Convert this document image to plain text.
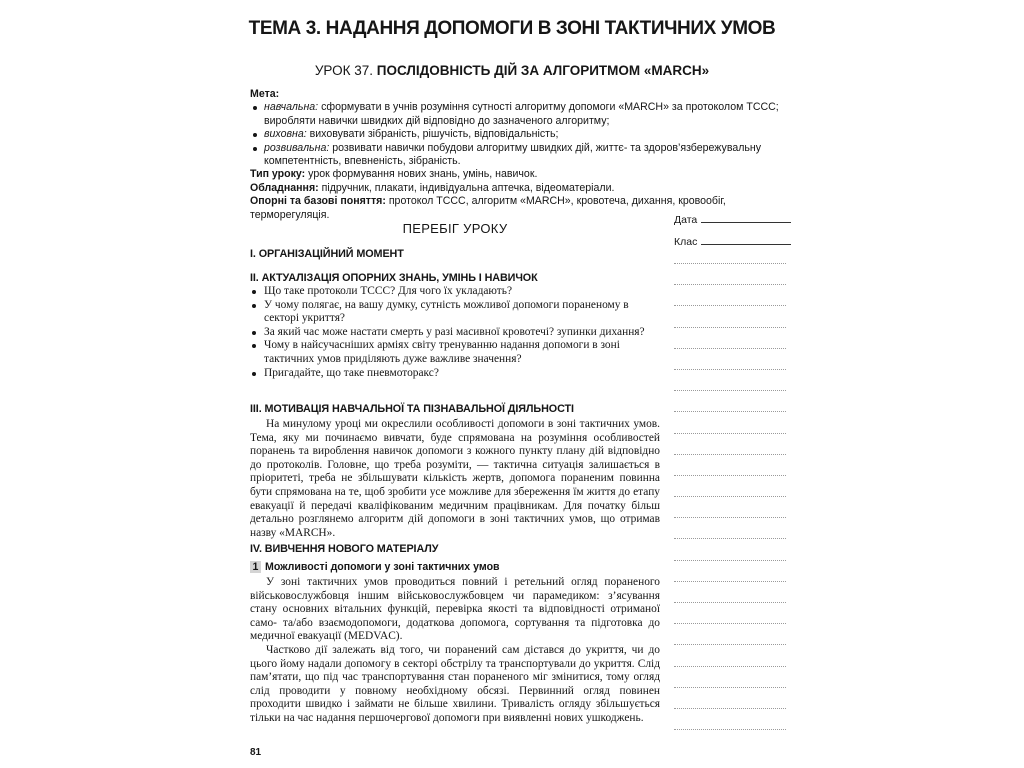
ТЕМА 3. НАДАННЯ ДОПОМОГИ В ЗОНІ ТАКТИЧНИХ УМОВ
УРОК 37. ПОСЛІДОВНІСТЬ ДІЙ ЗА АЛГОРИТМОМ «MARCH»
Мета:
навчальна: сформувати в учнів розуміння сутності алгоритму допомоги «MARCH» за протоколом TCCC; виробляти навички швидких дій відповідно до зазначеного алгоритму;
виховна: виховувати зібраність, рішучість, відповідальність;
розвивальна: розвивати навички побудови алгоритму швидких дій, життє- та здоров’язбережувальну компетентність, впевненість, зібраність.
Тип уроку: урок формування нових знань, умінь, навичок.
Обладнання: підручник, плакати, індивідуальна аптечка, відеоматеріали.
Опорні та базові поняття: протокол TCCC, алгоритм «MARCH», кровотеча, дихання, кровообіг, терморегуляція.
ПЕРЕБІГ УРОКУ
Дата
Клас
I. ОРГАНІЗАЦІЙНИЙ МОМЕНТ
II. АКТУАЛІЗАЦІЯ ОПОРНИХ ЗНАНЬ, УМІНЬ І НАВИЧОК
Що таке протоколи TCCC? Для чого їх укладають?
У чому полягає, на вашу думку, сутність можливої допомоги пораненому в секторі укриття?
За який час може настати смерть у разі масивної кровотечі? зупинки дихання?
Чому в найсучасніших арміях світу тренуванню надання допомоги в зоні тактичних умов приділяють дуже важливе значення?
Пригадайте, що таке пневмоторакс?
III. МОТИВАЦІЯ НАВЧАЛЬНОЇ ТА ПІЗНАВАЛЬНОЇ ДІЯЛЬНОСТІ
На минулому уроці ми окреслили особливості допомоги в зоні тактичних умов. Тема, яку ми починаємо вивчати, буде спрямована на розуміння особливостей поранень та вироблення навичок допомоги з кожного пункту плану дій відповідно до протоколів. Головне, що треба розуміти, — тактична ситуація залишається в пріоритеті, треба не збільшувати кількість жертв, допомога пораненим повинна бути спрямована на те, щоб зробити усе можливе для збереження їм життя до етапу евакуації й передачі кваліфікованим медичним працівникам. Для початку більш детально розглянемо алгоритм дій допомоги в зоні тактичних умов, що отримав назву «MARCH».
IV. ВИВЧЕННЯ НОВОГО МАТЕРІАЛУ
1 Можливості допомоги у зоні тактичних умов
У зоні тактичних умов проводиться повний і ретельний огляд пораненого військовослужбовця іншим військовослужбовцем чи парамедиком: з’ясування стану основних вітальних функцій, перевірка якості та відповідності отриманої само- та/або взаємодопомоги, додаткова допомога, сортування та підготовка до медичної евакуації (MEDVAC).
Частково дії залежать від того, чи поранений сам дістався до укриття, чи до цього йому надали допомогу в секторі обстрілу та транспортували до укриття. Слід пам’ятати, що під час транспортування стан пораненого міг змінитися, тому огляд слід проводити у повному необхідному обсязі. Первинний огляд повинен проходити швидко і займати не більше хвилини. Тривалість огляду збільшується тільки на час надання першочергової допомоги при виявленні нових ушкоджень.
81
